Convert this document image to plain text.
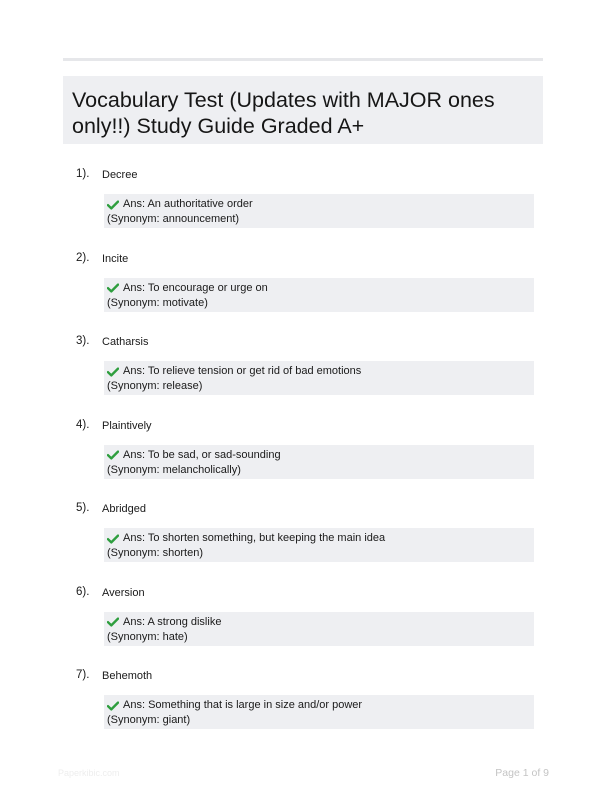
Vocabulary Test (Updates with MAJOR ones only!!) Study Guide Graded A+
1). Decree
Ans: An authoritative order
(Synonym: announcement)
2). Incite
Ans: To encourage or urge on
(Synonym: motivate)
3). Catharsis
Ans: To relieve tension or get rid of bad emotions
(Synonym: release)
4). Plaintively
Ans: To be sad, or sad-sounding
(Synonym: melancholically)
5). Abridged
Ans: To shorten something, but keeping the main idea
(Synonym: shorten)
6). Aversion
Ans: A strong dislike
(Synonym: hate)
7). Behemoth
Ans: Something that is large in size and/or power
(Synonym: giant)
Paperkibic.com	Page 1 of 9
